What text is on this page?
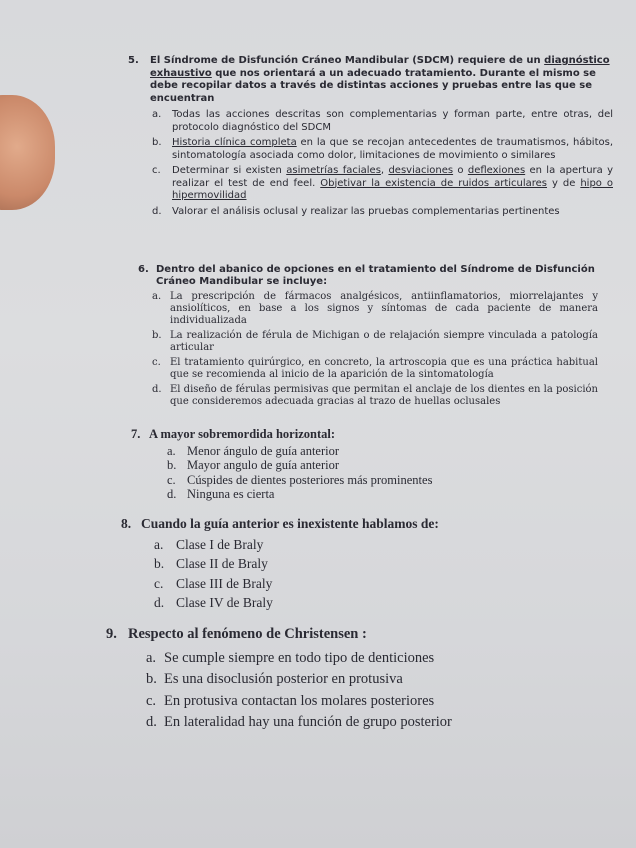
5. El Síndrome de Disfunción Cráneo Mandibular (SDCM) requiere de un diagnóstico exhaustivo que nos orientará a un adecuado tratamiento. Durante el mismo se debe recopilar datos a través de distintas acciones y pruebas entre las que se encuentran
a. Todas las acciones descritas son complementarias y forman parte, entre otras, del protocolo diagnóstico del SDCM
b. Historia clínica completa en la que se recojan antecedentes de traumatismos, hábitos, sintomatología asociada como dolor, limitaciones de movimiento o similares
c. Determinar si existen asimetrías faciales, desviaciones o deflexiones en la apertura y realizar el test de end feel. Objetivar la existencia de ruidos articulares y de hipo o hipermovilidad
d. Valorar el análisis oclusal y realizar las pruebas complementarias pertinentes
6. Dentro del abanico de opciones en el tratamiento del Síndrome de Disfunción Cráneo Mandibular se incluye:
a. La prescripción de fármacos analgésicos, antiinflamatorios, miorrelajantes y ansiolíticos, en base a los signos y síntomas de cada paciente de manera individualizada
b. La realización de férula de Michigan o de relajación siempre vinculada a patología articular
c. El tratamiento quirúrgico, en concreto, la artroscopia que es una práctica habitual que se recomienda al inicio de la aparición de la sintomatología
d. El diseño de férulas permisivas que permitan el anclaje de los dientes en la posición que consideremos adecuada gracias al trazo de huellas oclusales
7. A mayor sobremordida horizontal:
a. Menor ángulo de guía anterior
b. Mayor angulo de guía anterior
c. Cúspides de dientes posteriores más prominentes
d. Ninguna es cierta
8. Cuando la guía anterior es inexistente hablamos de:
a. Clase I de Braly
b. Clase II de Braly
c. Clase III de Braly
d. Clase IV de Braly
9. Respecto al fenómeno de Christensen :
a. Se cumple siempre en todo tipo de denticiones
b. Es una disoclusión posterior en protusiva
c. En protusiva contactan los molares posteriores
d. En lateralidad hay una función de grupo posterior
